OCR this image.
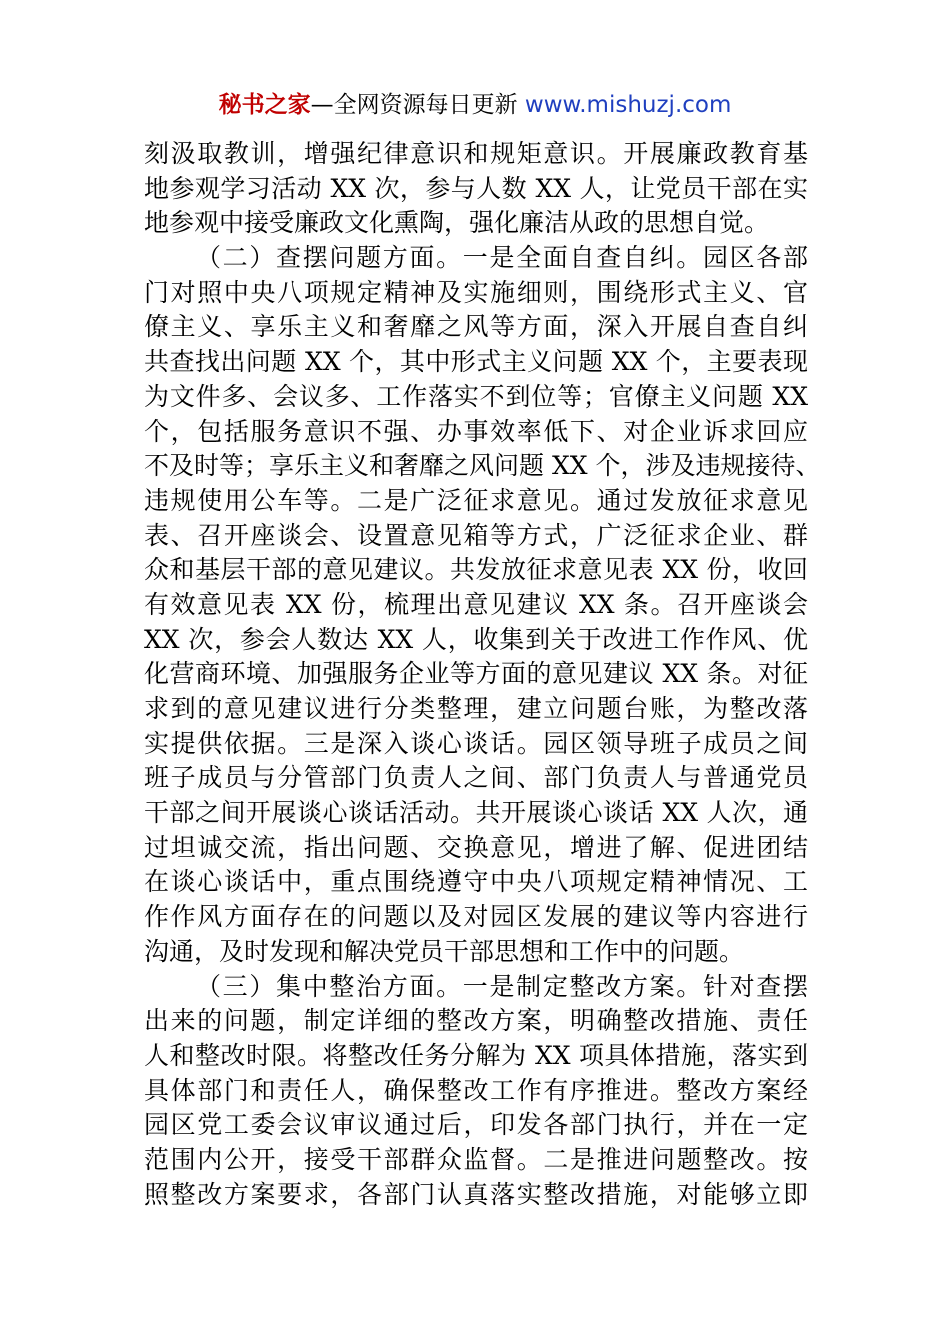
秘书之家—全网资源每日更新 www.mishuzj.com
刻汲取教训，增强纪律意识和规矩意识。开展廉政教育基
地参观学习活动 XX 次，参与人数 XX 人，让党员干部在实
地参观中接受廉政文化熏陶，强化廉洁从政的思想自觉。
（二）查摆问题方面。一是全面自查自纠。园区各部
门对照中央八项规定精神及实施细则，围绕形式主义、官
僚主义、享乐主义和奢靡之风等方面，深入开展自查自纠
共查找出问题 XX 个，其中形式主义问题 XX 个，主要表现
为文件多、会议多、工作落实不到位等；官僚主义问题 XX
个，包括服务意识不强、办事效率低下、对企业诉求回应
不及时等；享乐主义和奢靡之风问题 XX 个，涉及违规接待、
违规使用公车等。二是广泛征求意见。通过发放征求意见
表、召开座谈会、设置意见箱等方式，广泛征求企业、群
众和基层干部的意见建议。共发放征求意见表 XX 份，收回
有效意见表 XX 份，梳理出意见建议 XX 条。召开座谈会
XX 次，参会人数达 XX 人，收集到关于改进工作作风、优
化营商环境、加强服务企业等方面的意见建议 XX 条。对征
求到的意见建议进行分类整理，建立问题台账，为整改落
实提供依据。三是深入谈心谈话。园区领导班子成员之间
班子成员与分管部门负责人之间、部门负责人与普通党员
干部之间开展谈心谈话活动。共开展谈心谈话 XX 人次，通
过坦诚交流，指出问题、交换意见，增进了解、促进团结
在谈心谈话中，重点围绕遵守中央八项规定精神情况、工
作作风方面存在的问题以及对园区发展的建议等内容进行
沟通，及时发现和解决党员干部思想和工作中的问题。
（三）集中整治方面。一是制定整改方案。针对查摆
出来的问题，制定详细的整改方案，明确整改措施、责任
人和整改时限。将整改任务分解为 XX 项具体措施，落实到
具体部门和责任人，确保整改工作有序推进。整改方案经
园区党工委会议审议通过后，印发各部门执行，并在一定
范围内公开，接受干部群众监督。二是推进问题整改。按
照整改方案要求，各部门认真落实整改措施，对能够立即
